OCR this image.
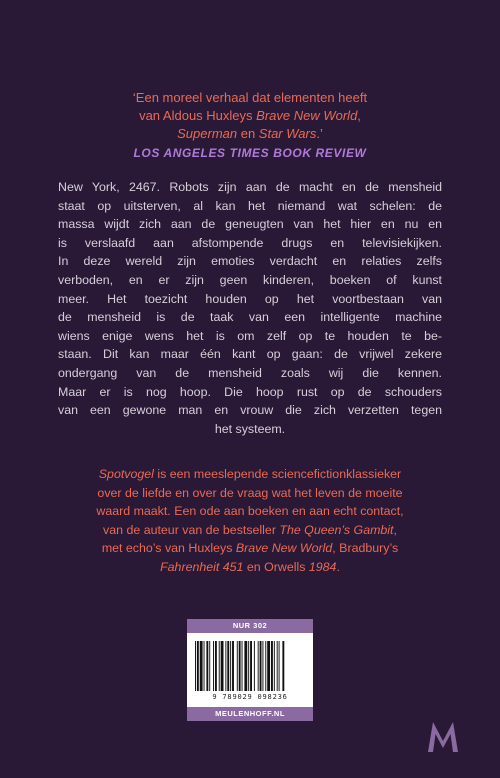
‘Een moreel verhaal dat elementen heeft
van Aldous Huxleys Brave New World,
Superman en Star Wars.’
LOS ANGELES TIMES BOOK REVIEW
New York, 2467. Robots zijn aan de macht en de mensheid
staat op uitsterven, al kan het niemand wat schelen: de
massa wijdt zich aan de geneugten van het hier en nu en
is verslaafd aan afstompende drugs en televisiekijken.
In deze wereld zijn emoties verdacht en relaties zelfs
verboden, en er zijn geen kinderen, boeken of kunst
meer. Het toezicht houden op het voortbestaan van
de mensheid is de taak van een intelligente machine
wiens enige wens het is om zelf op te houden te be-
staan. Dit kan maar één kant op gaan: de vrijwel zekere
ondergang van de mensheid zoals wij die kennen.
Maar er is nog hoop. Die hoop rust op de schouders
van een gewone man en vrouw die zich verzetten tegen
het systeem.
Spotvogel is een meeslepende sciencefictionklassieker
over de liefde en over de vraag wat het leven de moeite
waard maakt. Een ode aan boeken en aan echt contact,
van de auteur van de bestseller The Queen’s Gambit,
met echo’s van Huxleys Brave New World, Bradbury’s
Fahrenheit 451 en Orwells 1984.
NUR 302
9 789029 098236
MEULENHOFF.NL
